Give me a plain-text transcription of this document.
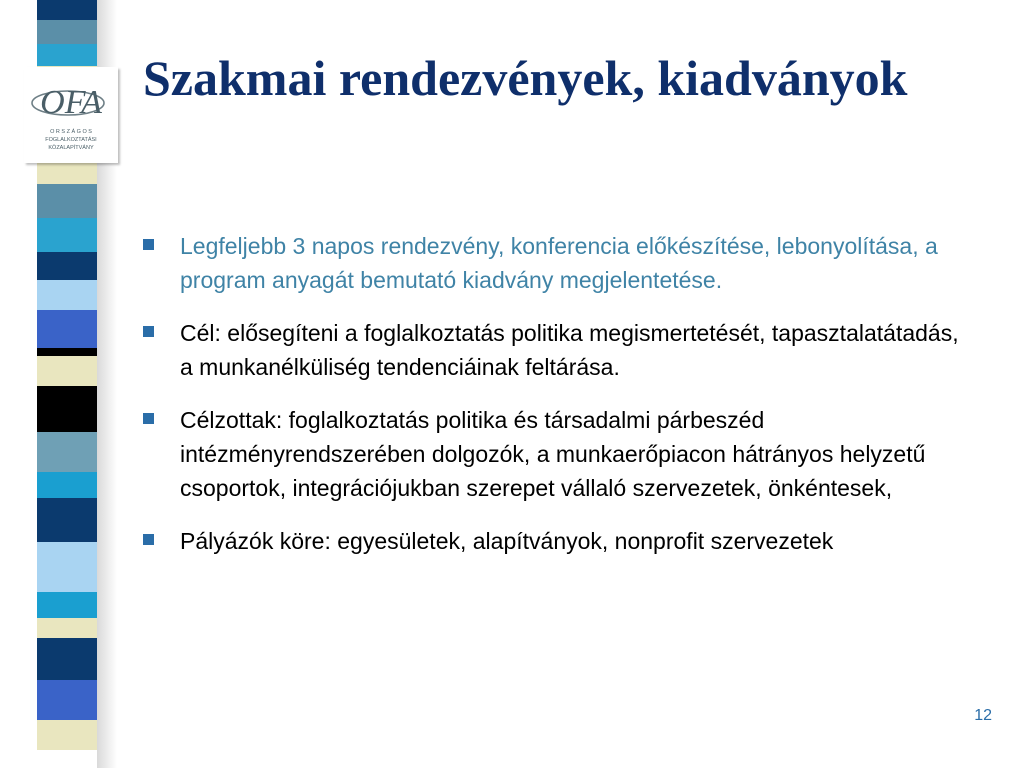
OFA
O R S Z Á G O S
FOGLALKOZTATÁSI
KÖZALAPÍTVÁNY
Szakmai rendezvények, kiadványok
Legfeljebb 3 napos rendezvény, konferencia előkészítése, lebonyolítása, a program anyagát bemutató kiadvány megjelentetése.
Cél: elősegíteni a foglalkoztatás politika megismertetését, tapasztalatátadás, a munkanélküliség tendenciáinak feltárása.
Célzottak: foglalkoztatás politika és társadalmi párbeszéd intézményrendszerében dolgozók, a munkaerőpiacon hátrányos helyzetű csoportok, integrációjukban szerepet vállaló szervezetek, önkéntesek,
Pályázók köre: egyesületek, alapítványok, nonprofit szervezetek
12
